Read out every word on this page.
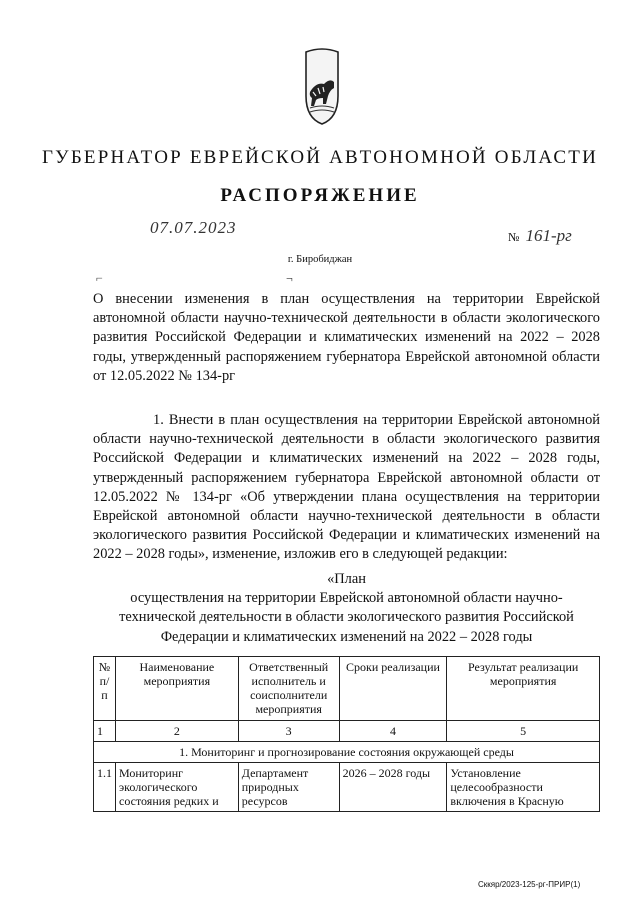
ГУБЕРНАТОР ЕВРЕЙСКОЙ АВТОНОМНОЙ ОБЛАСТИ
РАСПОРЯЖЕНИЕ
07.07.2023	№ 161-рг
г. Биробиджан
⌐	¬
О внесении изменения в план осуществления на территории Еврейской автономной области научно-технической деятельности в области экологического развития Российской Федерации и климатических изменений на 2022 – 2028 годы, утвержденный распоряжением губернатора Еврейской автономной области от 12.05.2022 № 134-рг
1. Внести в план осуществления на территории Еврейской автономной области научно-технической деятельности в области экологического развития Российской Федерации и климатических изменений на 2022 – 2028 годы, утвержденный распоряжением губернатора Еврейской автономной области от 12.05.2022 № 134-рг «Об утверждении плана осуществления на территории Еврейской автономной области научно-технической деятельности в области экологического развития Российской Федерации и климатических изменений на 2022 – 2028 годы», изменение, изложив его в следующей редакции:
«План
осуществления на территории Еврейской автономной области научно-технической деятельности в области экологического развития Российской Федерации и климатических изменений на 2022 – 2028 годы
№ п/п	Наименование мероприятия	Ответственный исполнитель и соисполнители мероприятия	Сроки реализации	Результат реализации мероприятия
1	2	3	4	5
1. Мониторинг и прогнозирование состояния окружающей среды				
1.1	Мониторинг экологического состояния редких и	Департамент природных ресурсов	2026 – 2028 годы	Установление целесообразности включения в Красную
Сккяр/2023-125-рг-ПРИР(1)
